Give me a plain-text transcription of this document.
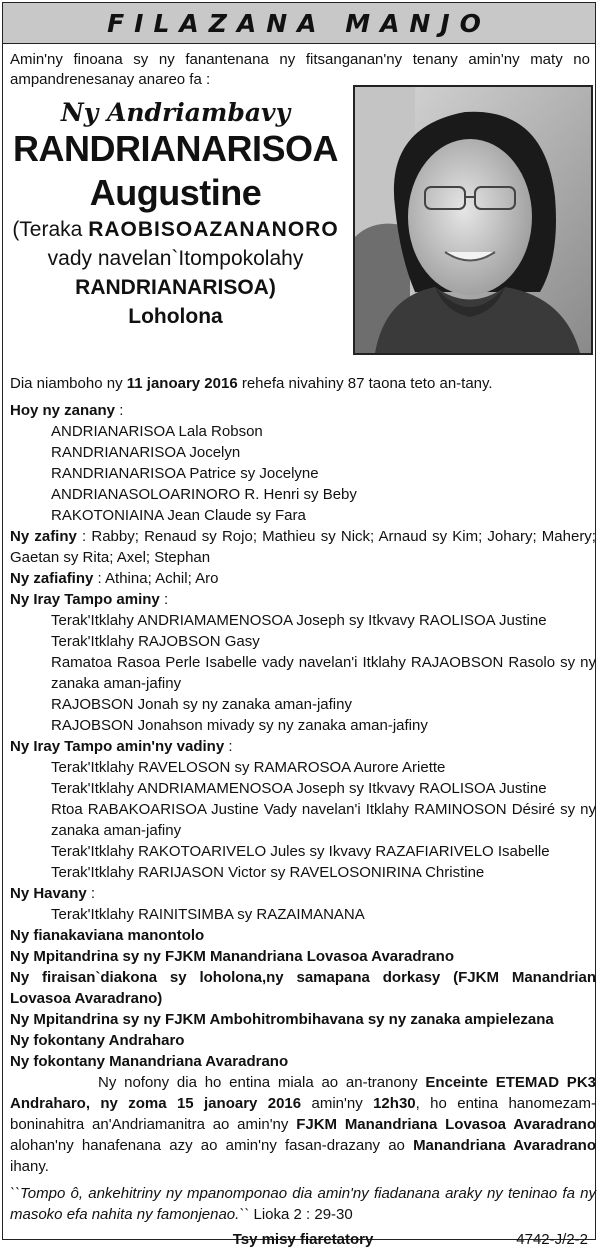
FILAZANA MANJO
Amin'ny finoana sy ny fanantenana ny fitsanganan'ny tenany amin'ny maty no ampandrenesanay anareo fa :
Ny Andriambavy
RANDRIANARISOA
Augustine
(Teraka RAOBISOAZANANORO
vady navelan`Itompokolahy
RANDRIANARISOA)
Loholona

Dia niamboho ny 11 janoary 2016 rehefa nivahiny 87 taona teto an-tany.

Hoy ny zanany :

ANDRIANARISOA Lala Robson

RANDRIANARISOA Jocelyn

RANDRIANARISOA Patrice sy Jocelyne

ANDRIANASOLOARINORO R. Henri sy Beby

RAKOTONIAINA Jean Claude sy Fara

Ny zafiny : Rabby; Renaud sy Rojo; Mathieu sy Nick; Arnaud sy Kim; Johary; Mahery; Gaetan sy Rita; Axel; Stephan

Ny zafiafiny : Athina; Achil; Aro

Ny Iray Tampo aminy :

Terak'Itklahy ANDRIAMAMENOSOA Joseph sy Itkvavy RAOLISOA Justine

Terak'Itklahy RAJOBSON Gasy

Ramatoa Rasoa Perle Isabelle vady navelan'i Itklahy RAJAOBSON Rasolo sy ny zanaka aman-jafiny

RAJOBSON Jonah sy ny zanaka aman-jafiny

RAJOBSON Jonahson mivady sy ny zanaka aman-jafiny

Ny Iray Tampo amin'ny vadiny :

Terak'Itklahy RAVELOSON sy RAMAROSOA Aurore Ariette

Terak'Itklahy ANDRIAMAMENOSOA Joseph sy Itkvavy RAOLISOA Justine

Rtoa RABAKOARISOA Justine Vady navelan'i Itklahy RAMINOSON Désiré sy ny zanaka aman-jafiny

Terak'Itklahy RAKOTOARIVELO Jules sy Ikvavy RAZAFIARIVELO Isabelle

Terak'Itklahy RARIJASON Victor sy RAVELOSONIRINA Christine

Ny Havany :

Terak'Itklahy RAINITSIMBA sy RAZAIMANANA

Ny fianakaviana manontolo

Ny Mpitandrina sy ny FJKM Manandriana Lovasoa Avaradrano

Ny firaisan`diakona sy loholona,ny samapana dorkasy (FJKM Manandrian Lovasoa Avaradrano)

Ny Mpitandrina sy ny FJKM Ambohitrombihavana sy ny zanaka ampielezana

Ny fokontany Andraharo

Ny fokontany Manandriana Avaradrano

Ny nofony dia ho entina miala ao an-tranony Enceinte ETEMAD PK3 Andraharo, ny zoma 15 janoary 2016 amin'ny 12h30, ho entina hanomezam-boninahitra an'Andriamanitra ao amin'ny FJKM Manandriana Lovasoa Avaradrano alohan'ny hanafenana azy ao amin'ny fasan-drazany ao Manandriana Avaradrano ihany.

``Tompo ô, ankehitriny ny mpanomponao dia amin'ny fiadanana araky ny teninao fa ny masoko efa nahita ny famonjenao.`` Lioka 2 : 29-30

Tsy misy fiaretatory	4742-J/2-2
